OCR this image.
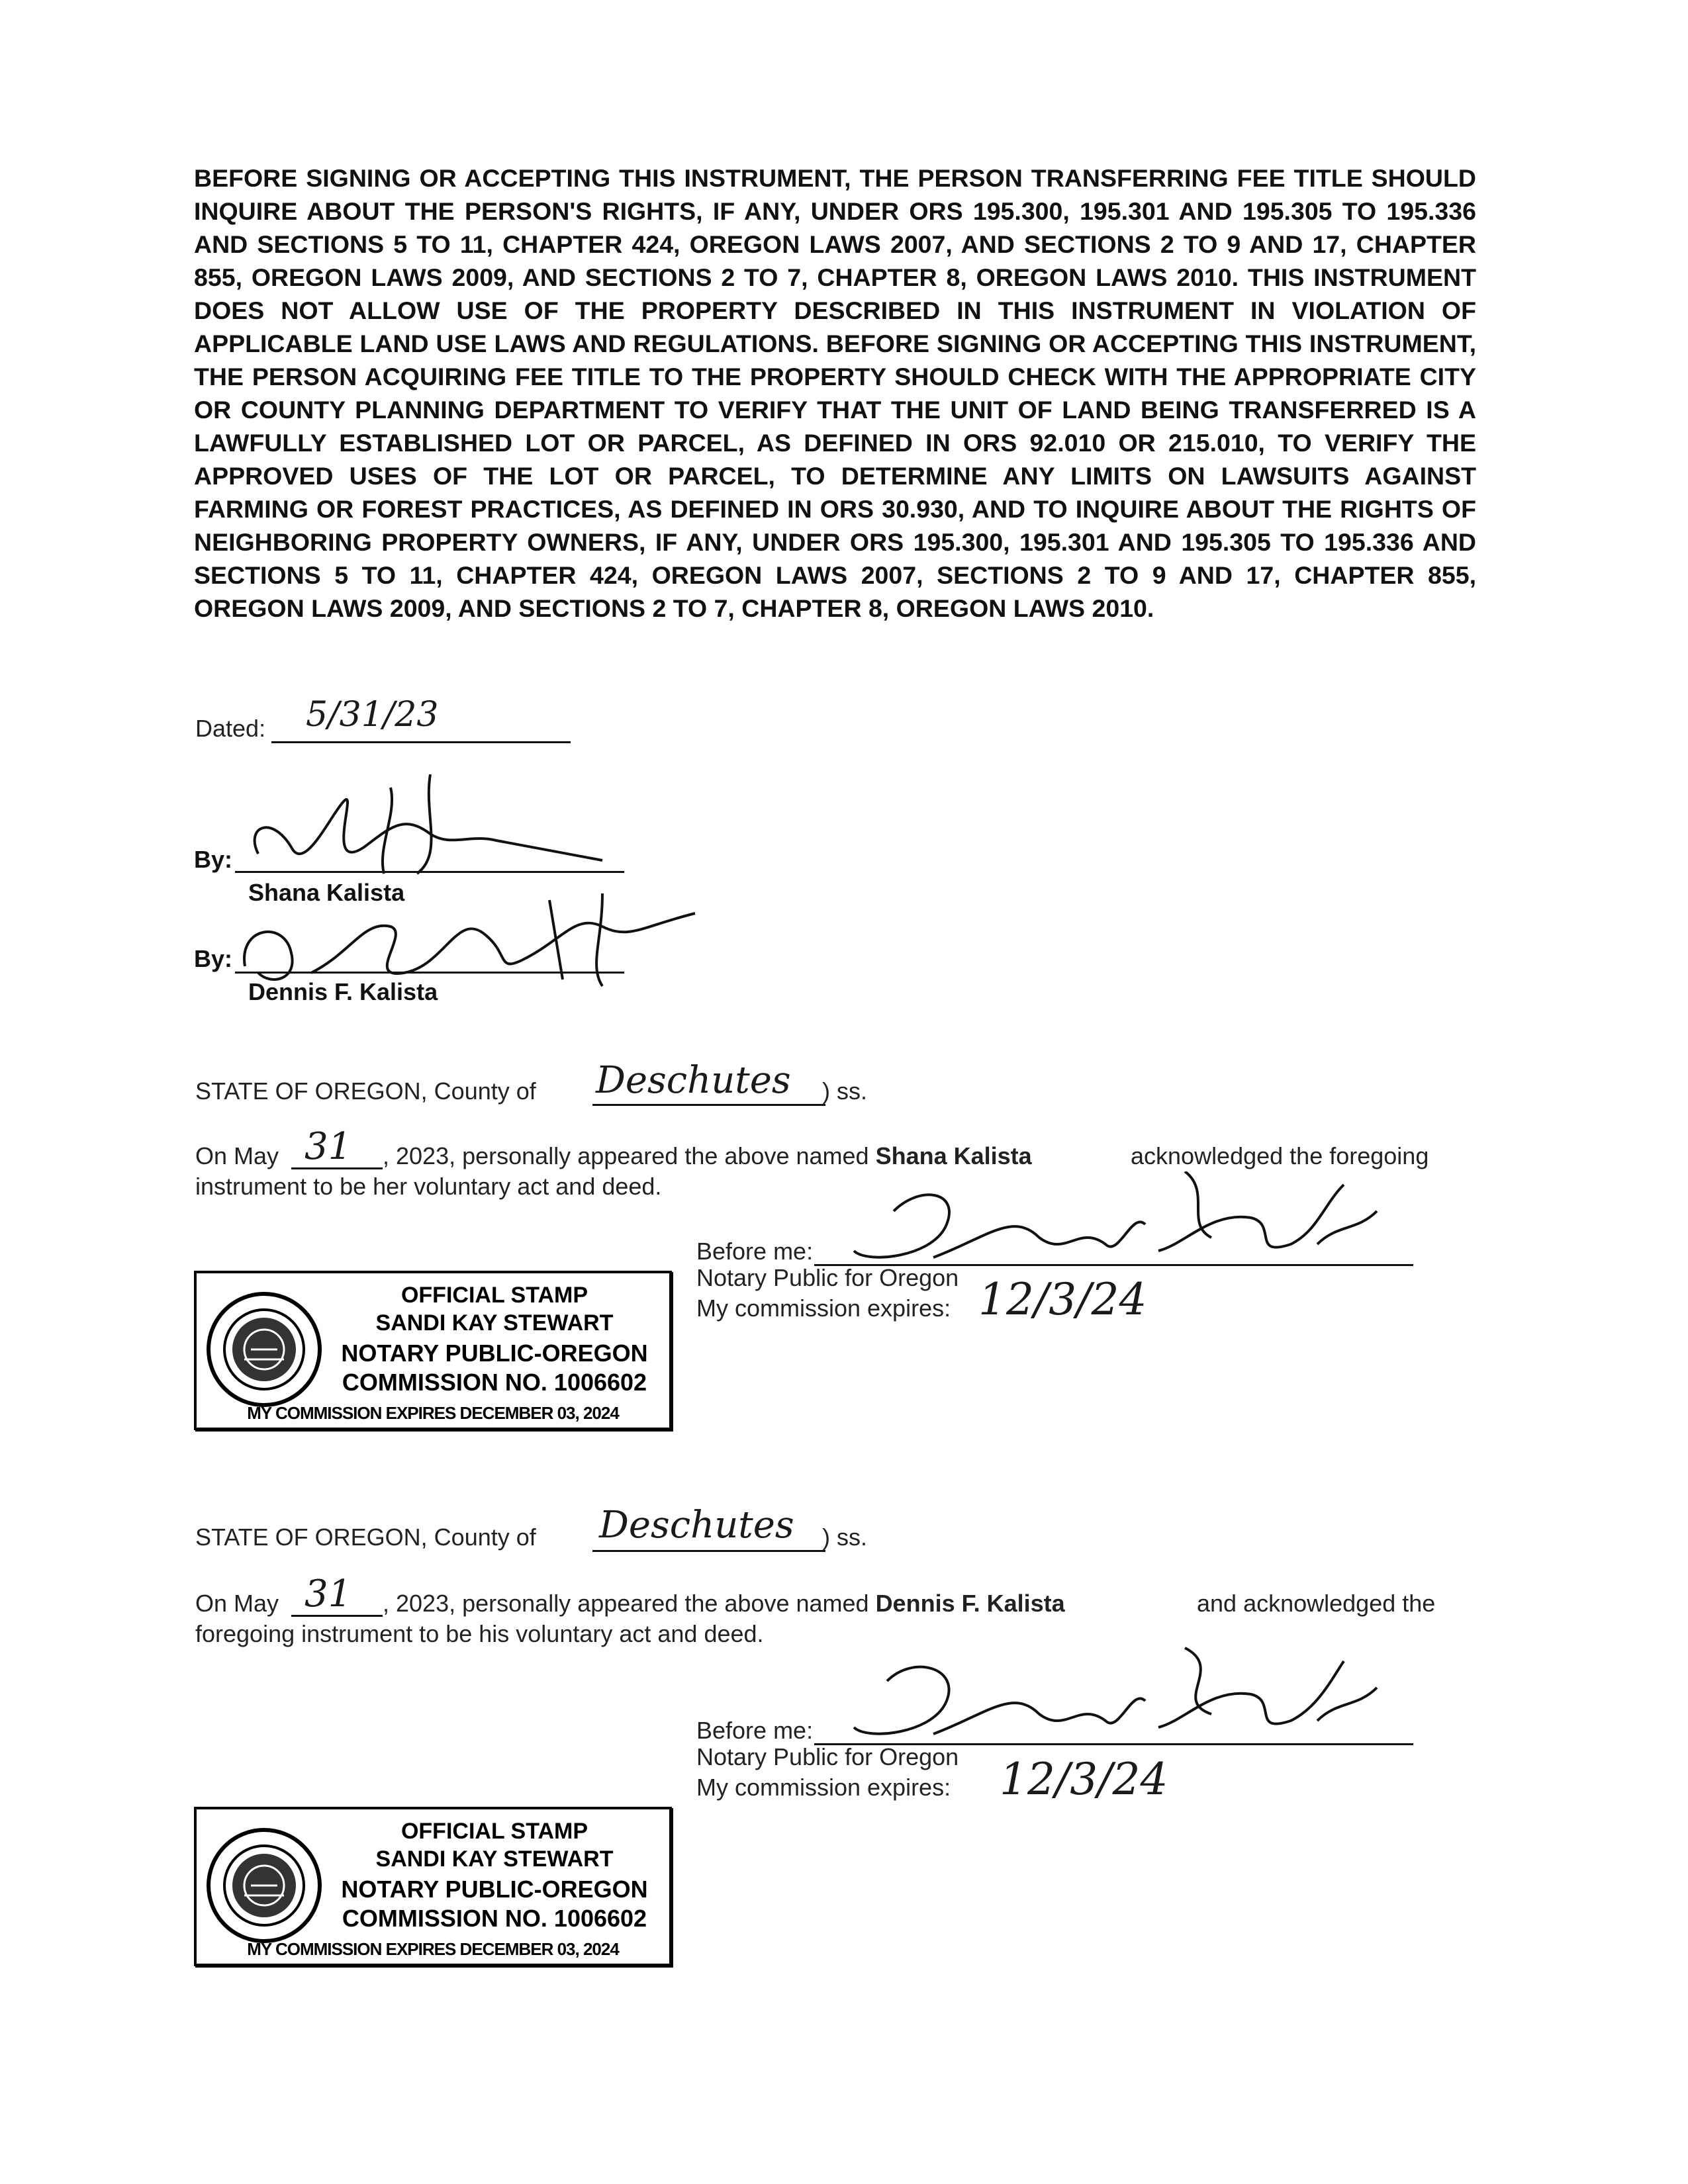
BEFORE SIGNING OR ACCEPTING THIS INSTRUMENT, THE PERSON TRANSFERRING FEE TITLE SHOULD INQUIRE ABOUT THE PERSON'S RIGHTS, IF ANY, UNDER ORS 195.300, 195.301 AND 195.305 TO 195.336 AND SECTIONS 5 TO 11, CHAPTER 424, OREGON LAWS 2007, AND SECTIONS 2 TO 9 AND 17, CHAPTER 855, OREGON LAWS 2009, AND SECTIONS 2 TO 7, CHAPTER 8, OREGON LAWS 2010. THIS INSTRUMENT DOES NOT ALLOW USE OF THE PROPERTY DESCRIBED IN THIS INSTRUMENT IN VIOLATION OF APPLICABLE LAND USE LAWS AND REGULATIONS. BEFORE SIGNING OR ACCEPTING THIS INSTRUMENT, THE PERSON ACQUIRING FEE TITLE TO THE PROPERTY SHOULD CHECK WITH THE APPROPRIATE CITY OR COUNTY PLANNING DEPARTMENT TO VERIFY THAT THE UNIT OF LAND BEING TRANSFERRED IS A LAWFULLY ESTABLISHED LOT OR PARCEL, AS DEFINED IN ORS 92.010 OR 215.010, TO VERIFY THE APPROVED USES OF THE LOT OR PARCEL, TO DETERMINE ANY LIMITS ON LAWSUITS AGAINST FARMING OR FOREST PRACTICES, AS DEFINED IN ORS 30.930, AND TO INQUIRE ABOUT THE RIGHTS OF NEIGHBORING PROPERTY OWNERS, IF ANY, UNDER ORS 195.300, 195.301 AND 195.305 TO 195.336 AND SECTIONS 5 TO 11, CHAPTER 424, OREGON LAWS 2007, SECTIONS 2 TO 9 AND 17, CHAPTER 855, OREGON LAWS 2009, AND SECTIONS 2 TO 7, CHAPTER 8, OREGON LAWS 2010.
Dated: 5/31/23
By:
Shana Kalista
By:
Dennis F. Kalista
STATE OF OREGON, County of Deschutes ) ss.
On May 31 , 2023, personally appeared the above named Shana Kalista	acknowledged the foregoing
instrument to be her voluntary act and deed.
Before me:
Notary Public for Oregon
My commission expires: 12/3/24
OFFICIAL STAMP
SANDI KAY STEWART
NOTARY PUBLIC-OREGON
COMMISSION NO. 1006602
MY COMMISSION EXPIRES DECEMBER 03, 2024
STATE OF OREGON, County of Deschutes ) ss.
On May 31 , 2023, personally appeared the above named Dennis F. Kalista	and acknowledged the
foregoing instrument to be his voluntary act and deed.
Before me:
Notary Public for Oregon
My commission expires: 12/3/24
OFFICIAL STAMP
SANDI KAY STEWART
NOTARY PUBLIC-OREGON
COMMISSION NO. 1006602
MY COMMISSION EXPIRES DECEMBER 03, 2024
